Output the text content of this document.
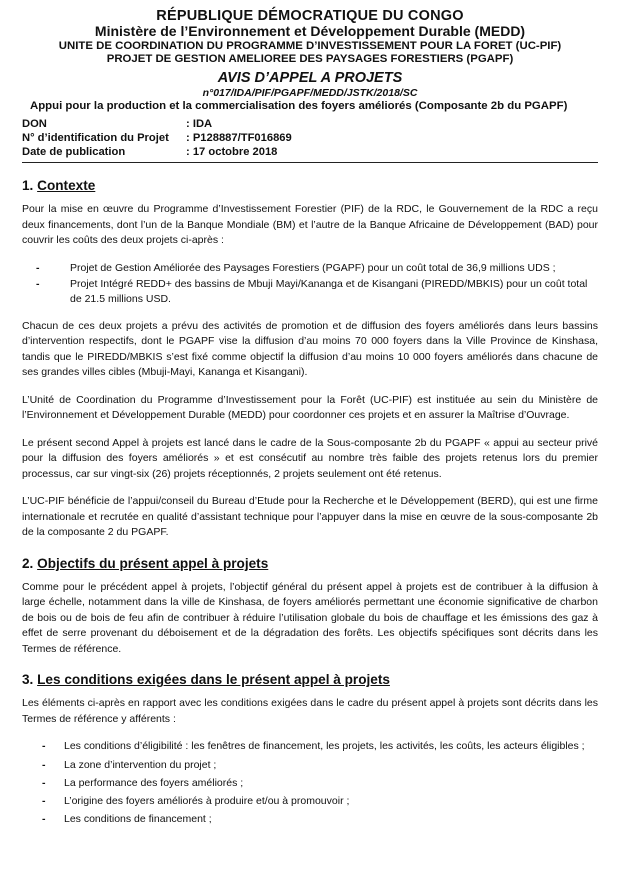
RÉPUBLIQUE DÉMOCRATIQUE DU CONGO
Ministère de l’Environnement et Développement Durable (MEDD)
UNITE DE COORDINATION DU PROGRAMME D’INVESTISSEMENT POUR LA FORET (UC-PIF)
PROJET DE GESTION AMELIOREE DES PAYSAGES FORESTIERS (PGAPF)
AVIS D’APPEL A PROJETS
n°017/IDA/PIF/PGAPF/MEDD/JSTK/2018/SC
Appui pour la production et la commercialisation des foyers améliorés (Composante 2b du PGAPF)
DON	: IDA
N° d’identification du Projet	: P128887/TF016869
Date de publication	: 17 octobre 2018
1. Contexte

Pour la mise en œuvre du Programme d’Investissement Forestier (PIF) de la RDC, le Gouvernement de la RDC a reçu deux financements, dont l’un de la Banque Mondiale (BM) et l’autre de la Banque Africaine de Développement (BAD) pour couvrir les coûts des deux projets ci-après :

- Projet de Gestion Améliorée des Paysages Forestiers (PGAPF) pour un coût total de 36,9 millions UDS ;
- Projet Intégré REDD+ des bassins de Mbuji Mayi/Kananga et de Kisangani (PIREDD/MBKIS) pour un coût total de 21.5 millions USD.

Chacun de ces deux projets a prévu des activités de promotion et de diffusion des foyers améliorés dans leurs bassins d’intervention respectifs, dont le PGAPF vise la diffusion d’au moins 70 000 foyers dans la Ville Province de Kinshasa, tandis que le PIREDD/MBKIS s’est fixé comme objectif la diffusion d’au moins 10 000 foyers améliorés dans chacune de ses grandes villes cibles (Mbuji-Mayi, Kananga et Kisangani).

L’Unité de Coordination du Programme d’Investissement pour la Forêt (UC-PIF) est instituée au sein du Ministère de l’Environnement et Développement Durable (MEDD) pour coordonner ces projets et en assurer la Maîtrise d’Ouvrage.

Le présent second Appel à projets est lancé dans le cadre de la Sous-composante 2b du PGAPF « appui au secteur privé pour la diffusion des foyers améliorés » et est consécutif au nombre très faible des projets retenus lors du premier processus, car sur vingt-six (26) projets réceptionnés, 2 projets seulement ont été retenus.

L’UC-PIF bénéficie de l’appui/conseil du Bureau d’Etude pour la Recherche et le Développement (BERD), qui est une firme internationale et recrutée en qualité d’assistant technique pour l’appuyer dans la mise en œuvre de la sous-composante 2b de la composante 2 du PGAPF.

2. Objectifs du présent appel à projets

Comme pour le précédent appel à projets, l’objectif général du présent appel à projets est de contribuer à la diffusion à large échelle, notamment dans la ville de Kinshasa, de foyers améliorés permettant une économie significative de charbon de bois ou de bois de feu afin de contribuer à réduire l’utilisation globale du bois de chauffage et les émissions des gaz à effet de serre provenant du déboisement et de la dégradation des forêts. Les objectifs spécifiques sont décrits dans les Termes de référence.

3. Les conditions exigées dans le présent appel à projets

Les éléments ci-après en rapport avec les conditions exigées dans le cadre du présent appel à projets sont décrits dans les Termes de référence y afférents :

- Les conditions d’éligibilité : les fenêtres de financement, les projets, les activités, les coûts, les acteurs éligibles ;
- La zone d’intervention du projet ;
- La performance des foyers améliorés ;
- L’origine des foyers améliorés à produire et/ou à promouvoir ;
- Les conditions de financement ;
